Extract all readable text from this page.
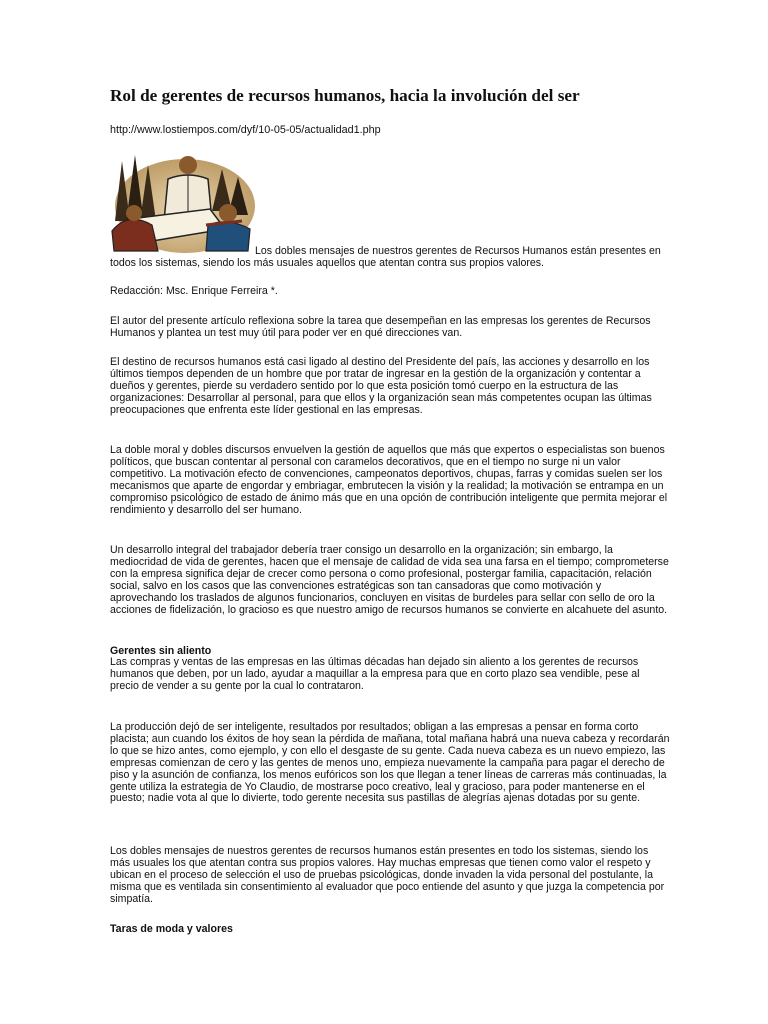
Rol de gerentes de recursos humanos, hacia la involución del ser
http://www.lostiempos.com/dyf/10-05-05/actualidad1.php
Los dobles mensajes de nuestros gerentes de Recursos Humanos están presentes en todos los sistemas, siendo los más usuales aquellos que atentan contra sus propios valores.
Redacción: Msc. Enrique Ferreira *.
El autor del presente artículo reflexiona sobre la tarea que desempeñan en las empresas los gerentes de Recursos Humanos y plantea un test muy útil para poder ver en qué direcciones van.
El destino de recursos humanos está casi ligado al destino del Presidente del país, las acciones y desarrollo en los últimos tiempos dependen de un hombre que por tratar de ingresar en la gestión de la organización y contentar a dueños y gerentes, pierde su verdadero sentido por lo que esta posición tomó cuerpo en la estructura de las organizaciones: Desarrollar al personal, para que ellos y la organización sean más competentes ocupan las últimas preocupaciones que enfrenta este líder gestional en las empresas.
La doble moral y dobles discursos envuelven la gestión de aquellos que más que expertos o especialistas son buenos políticos, que buscan contentar al personal con caramelos decorativos, que en el tiempo no surge ni un valor competitivo. La motivación efecto de convenciones, campeonatos deportivos, chupas, farras y comidas suelen ser los mecanismos que aparte de engordar y embriagar, embrutecen la visión y la realidad; la motivación se entrampa en un compromiso psicológico de estado de ánimo más que en una opción de contribución inteligente que permita mejorar el rendimiento y desarrollo del ser humano.
Un desarrollo integral del trabajador debería traer consigo un desarrollo en la organización; sin embargo, la mediocridad de vida de gerentes, hacen que el mensaje de calidad de vida sea una farsa en el tiempo; comprometerse con la empresa significa dejar de crecer como persona o como profesional, postergar familia, capacitación, relación social, salvo en los casos que las convenciones estratégicas son tan cansadoras que como motivación y aprovechando los traslados de algunos funcionarios, concluyen en visitas de burdeles para sellar con sello de oro la acciones de fidelización, lo gracioso es que nuestro amigo de recursos humanos se convierte en alcahuete del asunto.
Gerentes sin aliento
Las compras y ventas de las empresas en las últimas décadas han dejado sin aliento a los gerentes de recursos humanos que deben, por un lado, ayudar a maquillar a la empresa para que en corto plazo sea vendible, pese al precio de vender a su gente por la cual lo contrataron.
La producción dejó de ser inteligente, resultados por resultados; obligan a las empresas a pensar en forma corto placista; aun cuando los éxitos de hoy sean la pérdida de mañana, total mañana habrá una nueva cabeza y recordarán lo que se hizo antes, como ejemplo, y con ello el desgaste de su gente. Cada nueva cabeza es un nuevo empiezo, las empresas comienzan de cero y las gentes de menos uno, empieza nuevamente la campaña para pagar el derecho de piso y la asunción de confianza, los menos eufóricos son los que llegan a tener líneas de carreras más continuadas, la gente utiliza la estrategia de Yo Claudio, de mostrarse poco creativo, leal y gracioso, para poder mantenerse en el puesto; nadie vota al que lo divierte, todo gerente necesita sus pastillas de alegrías ajenas dotadas por su gente.
Los dobles mensajes de nuestros gerentes de recursos humanos están presentes en todo los sistemas, siendo los más usuales los que atentan contra sus propios valores. Hay muchas empresas que tienen como valor el respeto y ubican en el proceso de selección el uso de pruebas psicológicas, donde invaden la vida personal del postulante, la misma que es ventilada sin consentimiento al evaluador que poco entiende del asunto y que juzga la competencia por simpatía.
Taras de moda y valores
